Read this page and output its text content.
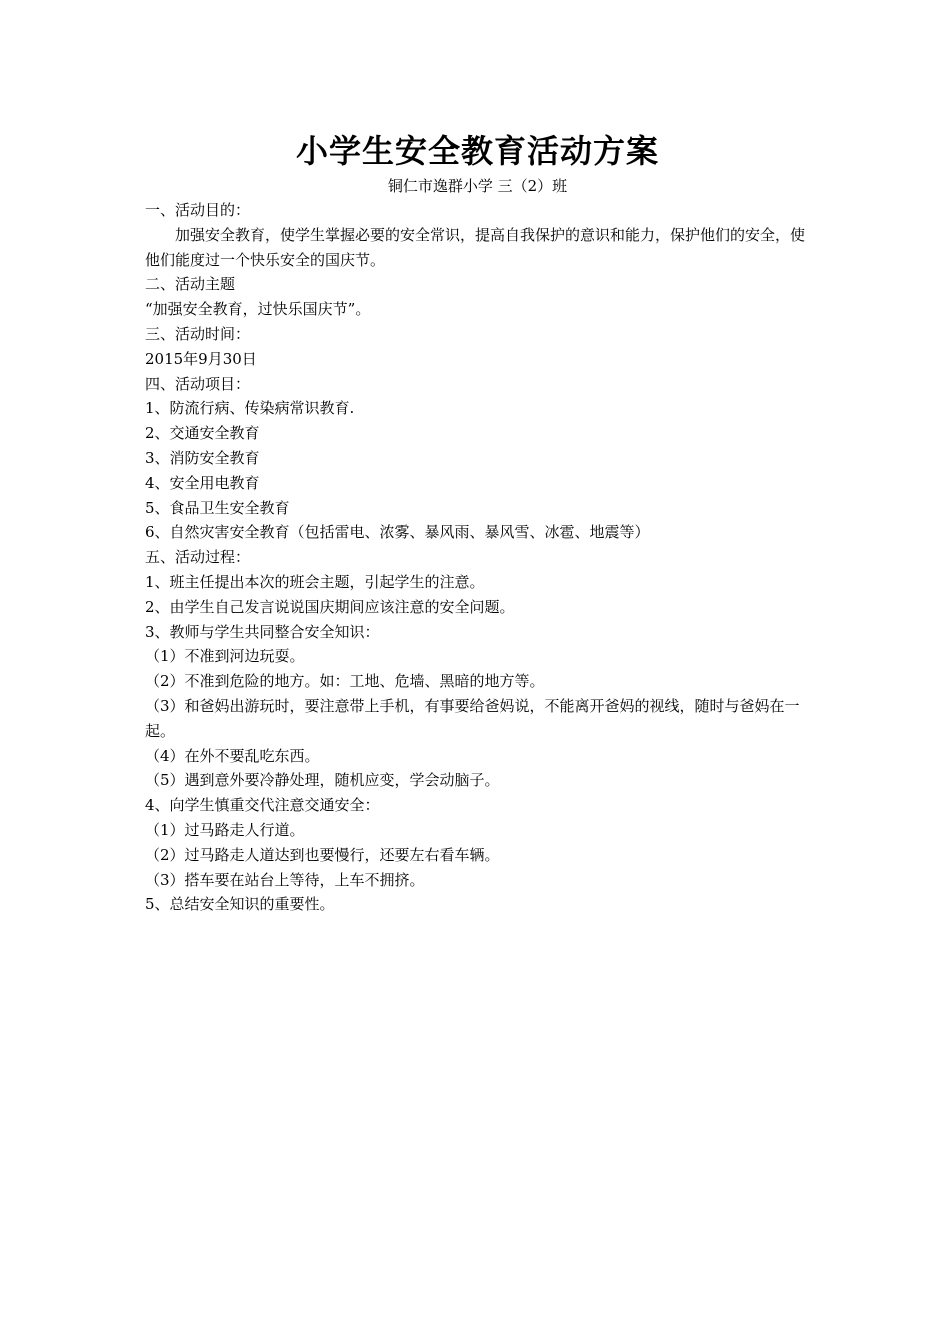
小学生安全教育活动方案

铜仁市逸群小学 三（2）班

一、活动目的：

加强安全教育，使学生掌握必要的安全常识，提高自我保护的意识和能力，保护他们的安全，使他们能度过一个快乐安全的国庆节。

二、活动主题

“加强安全教育，过快乐国庆节”。

三、活动时间：

2015年9月30日

四、活动项目：

1、防流行病、传染病常识教育.

2、交通安全教育

3、消防安全教育

4、安全用电教育

5、食品卫生安全教育

6、自然灾害安全教育（包括雷电、浓雾、暴风雨、暴风雪、冰雹、地震等）

五、活动过程：

1、班主任提出本次的班会主题，引起学生的注意。

2、由学生自己发言说说国庆期间应该注意的安全问题。

3、教师与学生共同整合安全知识：

（1）不准到河边玩耍。

（2）不准到危险的地方。如：工地、危墙、黑暗的地方等。

（3）和爸妈出游玩时，要注意带上手机，有事要给爸妈说，不能离开爸妈的视线，随时与爸妈在一起。

（4）在外不要乱吃东西。

（5）遇到意外要冷静处理，随机应变，学会动脑子。

4、向学生慎重交代注意交通安全：

（1）过马路走人行道。

（2）过马路走人道达到也要慢行，还要左右看车辆。

（3）搭车要在站台上等待，上车不拥挤。

5、总结安全知识的重要性。
